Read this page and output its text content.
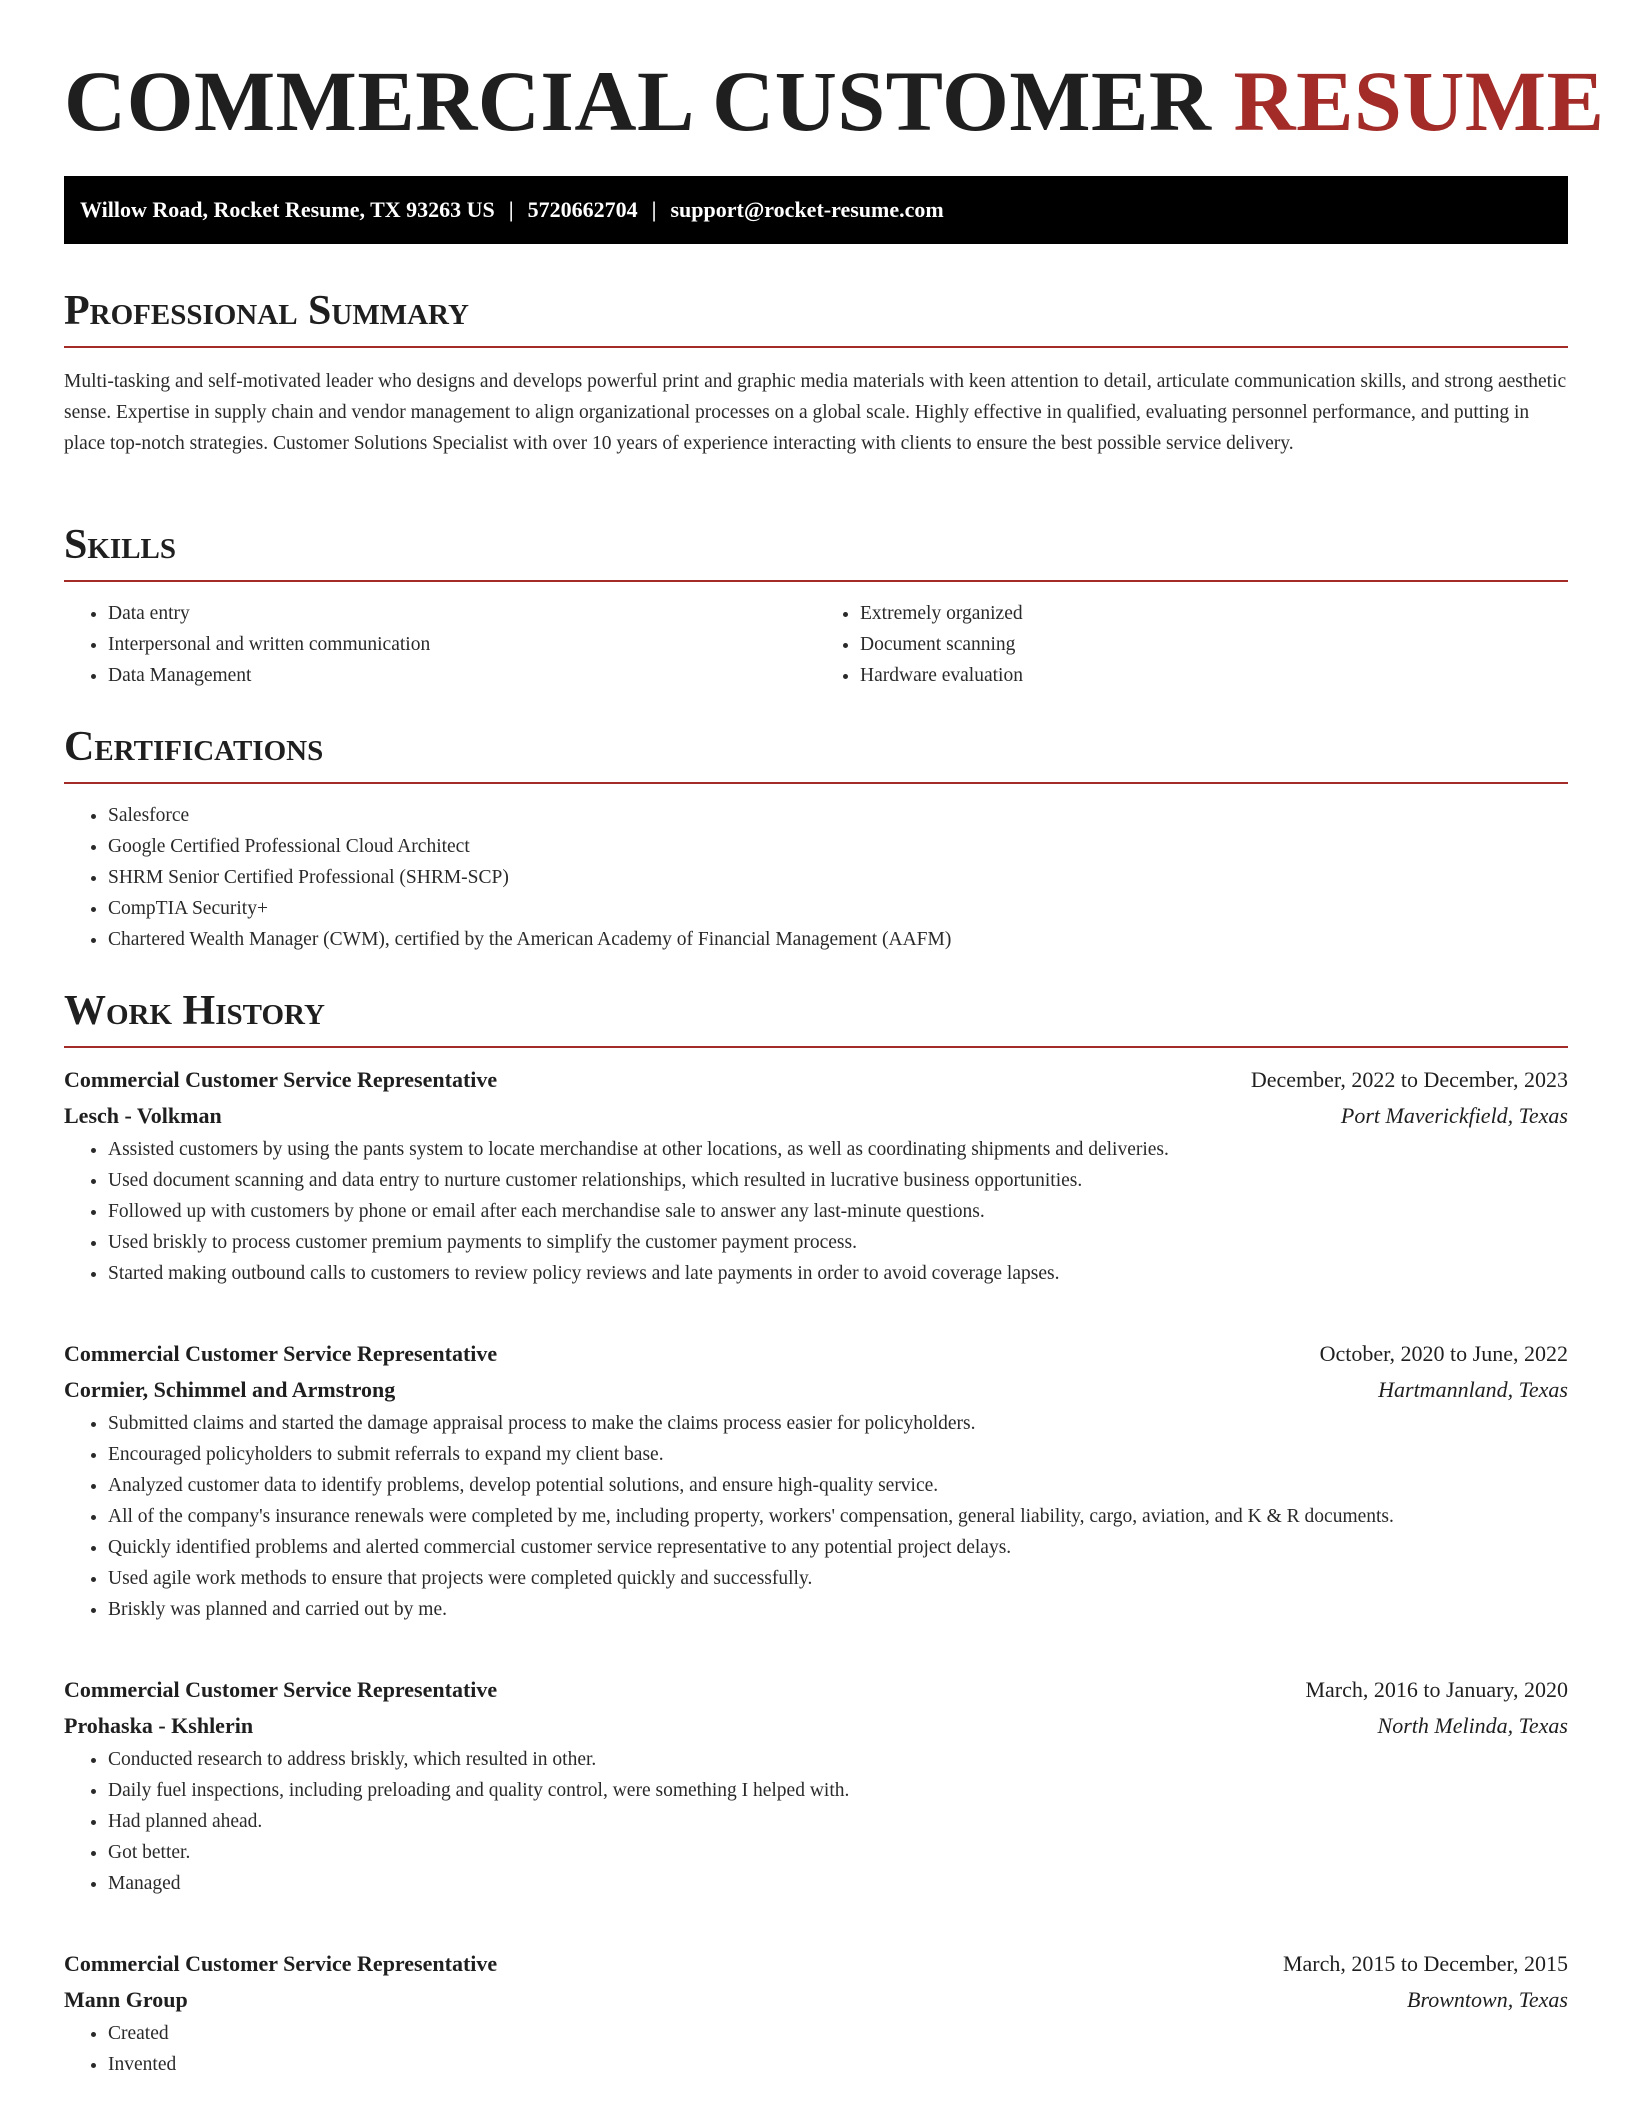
COMMERCIAL CUSTOMER RESUME
Willow Road, Rocket Resume, TX 93263 US | 5720662704 | support@rocket-resume.com
Professional Summary

Multi-tasking and self-motivated leader who designs and develops powerful print and graphic media materials with keen attention to detail, articulate communication skills, and strong aesthetic sense. Expertise in supply chain and vendor management to align organizational processes on a global scale. Highly effective in qualified, evaluating personnel performance, and putting in place top-notch strategies. Customer Solutions Specialist with over 10 years of experience interacting with clients to ensure the best possible service delivery.

Skills
• Data entry
• Interpersonal and written communication
• Data Management
• Extremely organized
• Document scanning
• Hardware evaluation
Certifications
• Salesforce
• Google Certified Professional Cloud Architect
• SHRM Senior Certified Professional (SHRM-SCP)
• CompTIA Security+
• Chartered Wealth Manager (CWM), certified by the American Academy of Financial Management (AAFM)
Work History
Commercial Customer Service Representative	December, 2022 to December, 2023
Lesch - Volkman	Port Maverickfield, Texas
• Assisted customers by using the pants system to locate merchandise at other locations, as well as coordinating shipments and deliveries.
• Used document scanning and data entry to nurture customer relationships, which resulted in lucrative business opportunities.
• Followed up with customers by phone or email after each merchandise sale to answer any last-minute questions.
• Used briskly to process customer premium payments to simplify the customer payment process.
• Started making outbound calls to customers to review policy reviews and late payments in order to avoid coverage lapses.
Commercial Customer Service Representative	October, 2020 to June, 2022
Cormier, Schimmel and Armstrong	Hartmannland, Texas
• Submitted claims and started the damage appraisal process to make the claims process easier for policyholders.
• Encouraged policyholders to submit referrals to expand my client base.
• Analyzed customer data to identify problems, develop potential solutions, and ensure high-quality service.
• All of the company's insurance renewals were completed by me, including property, workers' compensation, general liability, cargo, aviation, and K & R documents.
• Quickly identified problems and alerted commercial customer service representative to any potential project delays.
• Used agile work methods to ensure that projects were completed quickly and successfully.
• Briskly was planned and carried out by me.
Commercial Customer Service Representative	March, 2016 to January, 2020
Prohaska - Kshlerin	North Melinda, Texas
• Conducted research to address briskly, which resulted in other.
• Daily fuel inspections, including preloading and quality control, were something I helped with.
• Had planned ahead.
• Got better.
• Managed
Commercial Customer Service Representative	March, 2015 to December, 2015
Mann Group	Browntown, Texas
• Created
• Invented
